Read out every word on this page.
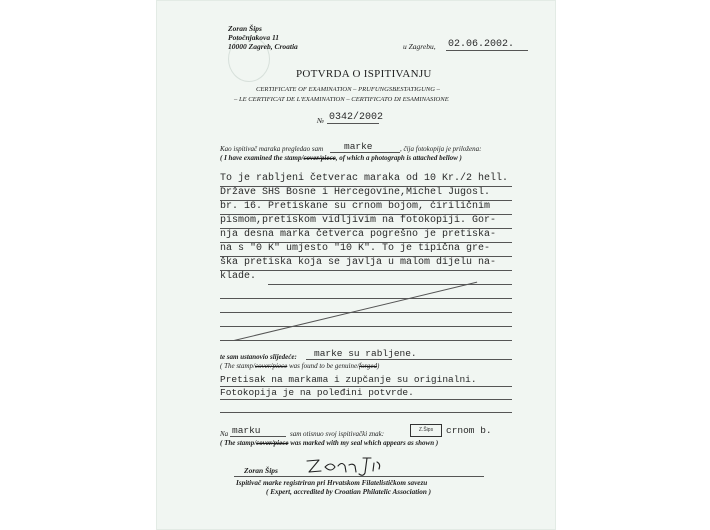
Zoran Šips
Potočnjakova 11
10000 Zagreb, Croatia	u Zagrebu, 02.06.2002.
POTVRDA O ISPITIVANJU
CERTIFICATE OF EXAMINATION – PRUFUNGSBESTATIGUNG –
– LE CERTIFICAT DE L'EXAMINATION – CERTIFICATO DI ESAMINASIONE
№ 0342/2002
Kao ispitivač maraka pregledao sam marke	, čija fotokopija je priložena:
( I have examined the stamp/cover/piece, of which a photograph is attached bellow )
To je rabljeni četverac maraka od 10 Kr./2 hell.
Države SHS Bosne i Hercegovine,Michel Jugosl.
br. 16. Pretiskane su crnom bojom, ćiriličnim
pismom,pretiskom vidljivim na fotokopiji. Gor-
nja desna marka četverca pogrešno je pretiska-
na s "0 K" umjesto "10 K". To je tipična gre-
ška pretiska koja se javlja u malom dijelu na-
klade.
te sam ustanovio slijedeće: marke su rabljene.
( The stamp/cover/piece was found to be genuine/forged)
Pretisak na markama i zupčanje su originalni.
Fotokopija je na poleđini potvrde.
Na marku	sam otisnuo svoj ispitivački znak:	Z.Šips	crnom b.
( The stamp/cover/piece was marked with my seal which appears as shown )
Zoran Šips
Ispitivač marke registriran pri Hrvatskom Filatelističkom savezu
( Expert, accredited by Croatian Philatelic Association )
